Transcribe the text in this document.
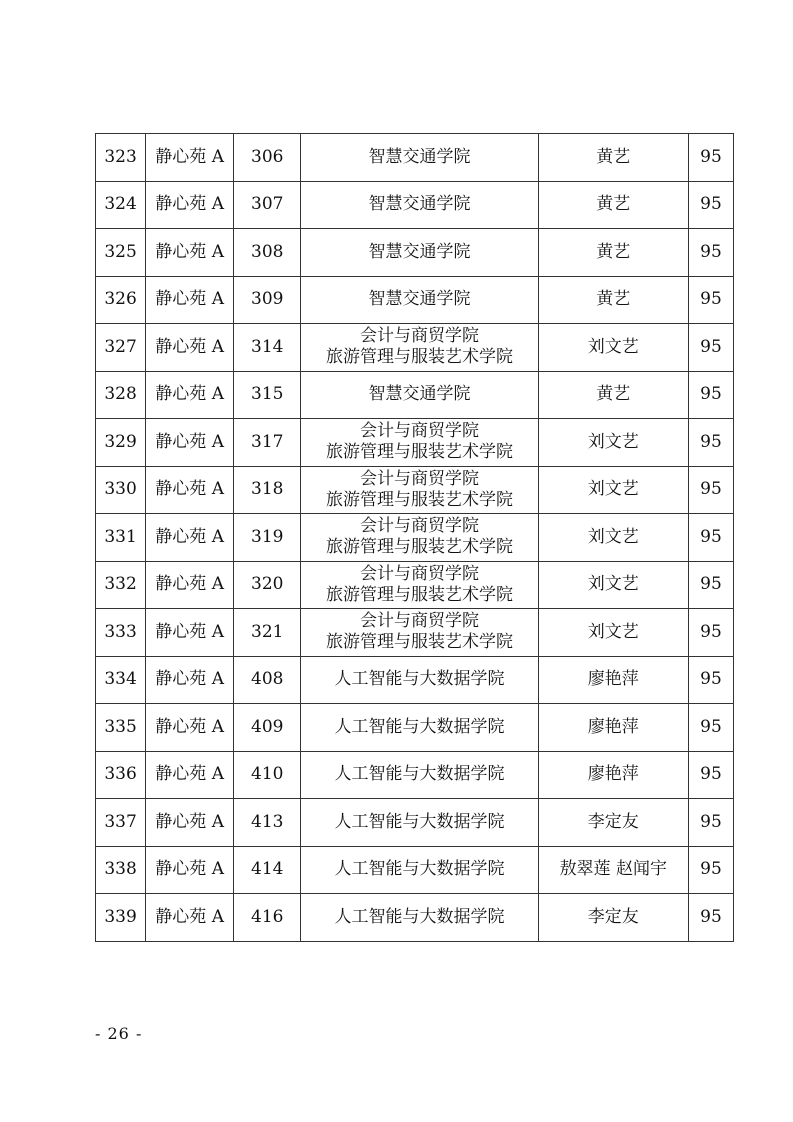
323	静心苑 A	306	智慧交通学院	黄艺	95
324	静心苑 A	307	智慧交通学院	黄艺	95
325	静心苑 A	308	智慧交通学院	黄艺	95
326	静心苑 A	309	智慧交通学院	黄艺	95
327	静心苑 A	314	会计与商贸学院
旅游管理与服装艺术学院	刘文艺	95
328	静心苑 A	315	智慧交通学院	黄艺	95
329	静心苑 A	317	会计与商贸学院
旅游管理与服装艺术学院	刘文艺	95
330	静心苑 A	318	会计与商贸学院
旅游管理与服装艺术学院	刘文艺	95
331	静心苑 A	319	会计与商贸学院
旅游管理与服装艺术学院	刘文艺	95
332	静心苑 A	320	会计与商贸学院
旅游管理与服装艺术学院	刘文艺	95
333	静心苑 A	321	会计与商贸学院
旅游管理与服装艺术学院	刘文艺	95
334	静心苑 A	408	人工智能与大数据学院	廖艳萍	95
335	静心苑 A	409	人工智能与大数据学院	廖艳萍	95
336	静心苑 A	410	人工智能与大数据学院	廖艳萍	95
337	静心苑 A	413	人工智能与大数据学院	李定友	95
338	静心苑 A	414	人工智能与大数据学院	敖翠莲 赵闻宇	95
339	静心苑 A	416	人工智能与大数据学院	李定友	95
- 26 -
